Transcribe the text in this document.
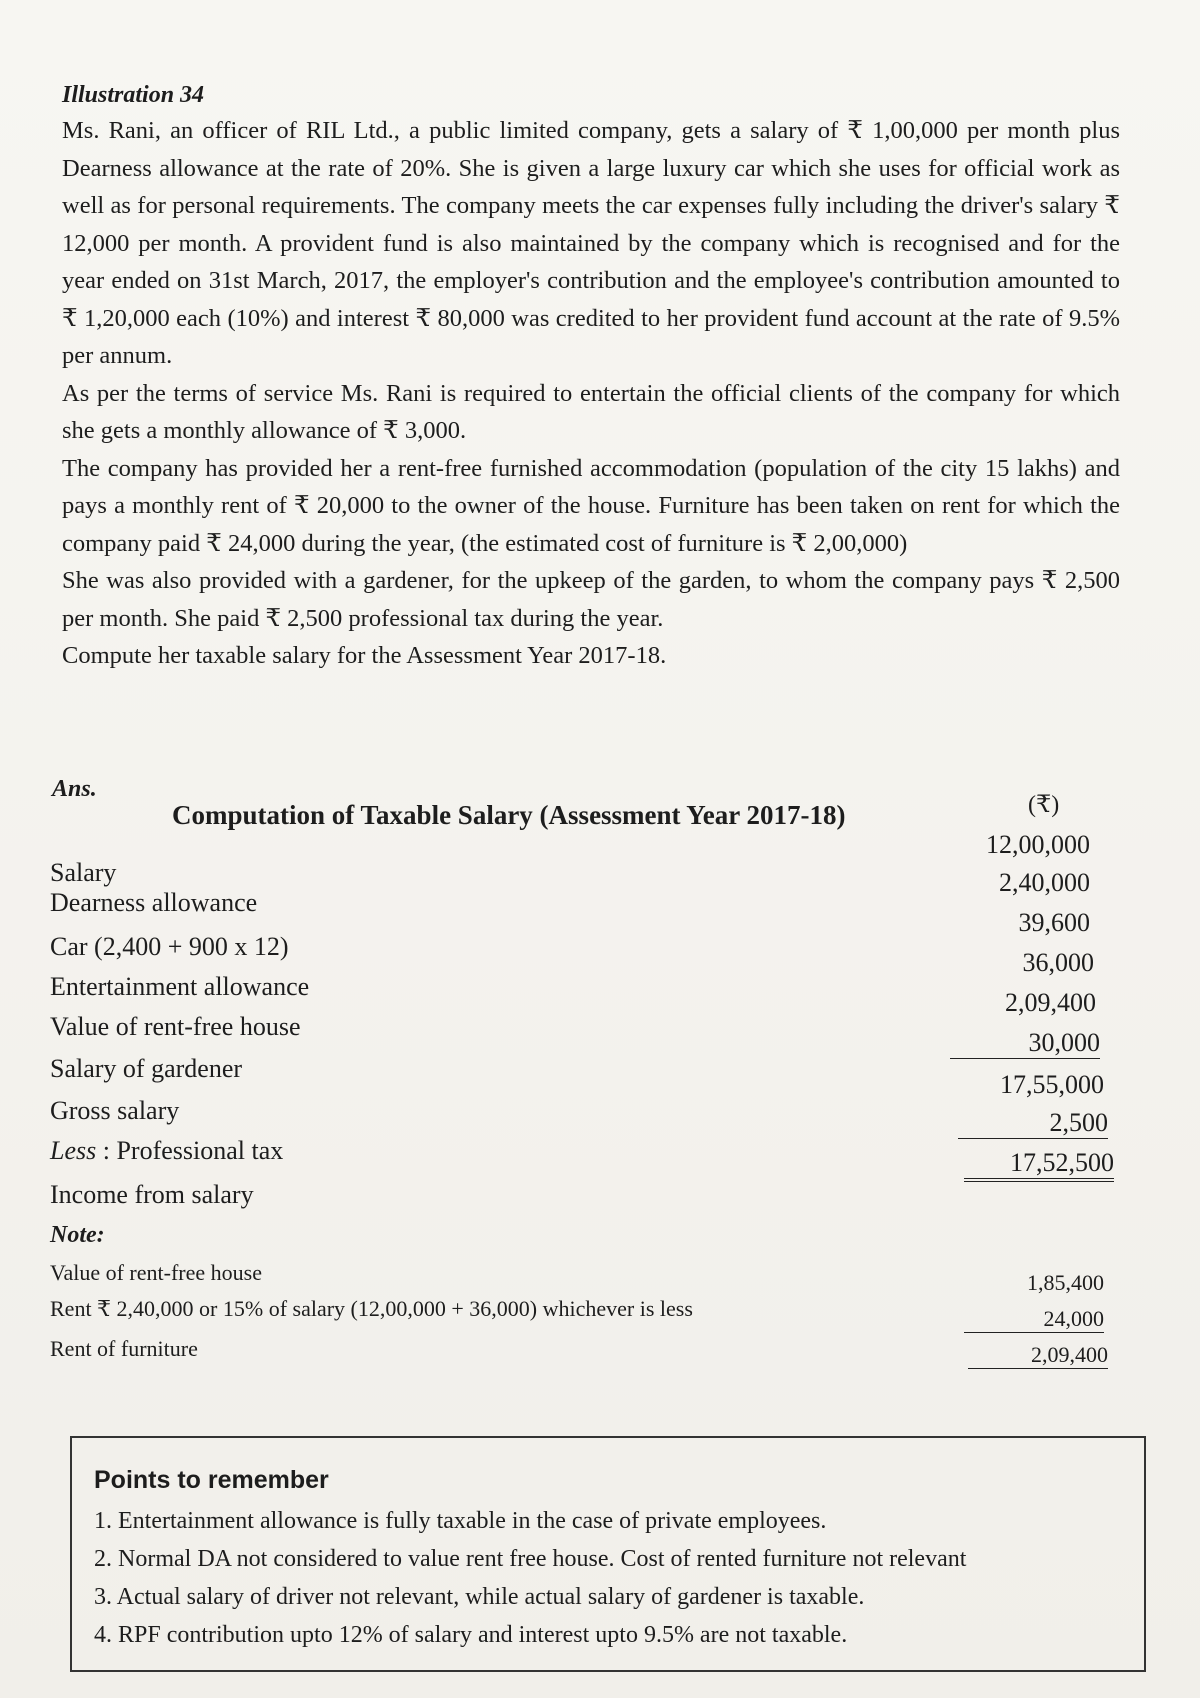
Illustration 34

Ms. Rani, an officer of RIL Ltd., a public limited company, gets a salary of ₹ 1,00,000 per month plus Dearness allowance at the rate of 20%. She is given a large luxury car which she uses for official work as well as for personal requirements. The company meets the car expenses fully including the driver's salary ₹ 12,000 per month. A provident fund is also maintained by the company which is recognised and for the year ended on 31st March, 2017, the employer's contribution and the employee's contribution amounted to ₹ 1,20,000 each (10%) and interest ₹ 80,000 was credited to her provident fund account at the rate of 9.5% per annum.

As per the terms of service Ms. Rani is required to entertain the official clients of the company for which she gets a monthly allowance of ₹ 3,000.

The company has provided her a rent-free furnished accommodation (population of the city 15 lakhs) and pays a monthly rent of ₹ 20,000 to the owner of the house. Furniture has been taken on rent for which the company paid ₹ 24,000 during the year, (the estimated cost of furniture is ₹ 2,00,000)

She was also provided with a gardener, for the upkeep of the garden, to whom the company pays ₹ 2,500 per month. She paid ₹ 2,500 professional tax during the year.

Compute her taxable salary for the Assessment Year 2017-18.

Ans.
Computation of Taxable Salary (Assessment Year 2017-18)	(₹)
Salary
12,00,000
Dearness allowance
2,40,000
Car (2,400 + 900 x 12)
39,600
Entertainment allowance
36,000
Value of rent-free house
2,09,400
Salary of gardener
30,000
Gross salary
17,55,000
Less : Professional tax
2,500
Income from salary
17,52,500
Note:
Value of rent-free house
Rent ₹ 2,40,000 or 15% of salary (12,00,000 + 36,000) whichever is less
1,85,400
Rent of furniture
24,000
2,09,400
Points to remember
1. Entertainment allowance is fully taxable in the case of private employees.
2. Normal DA not considered to value rent free house. Cost of rented furniture not relevant
3. Actual salary of driver not relevant, while actual salary of gardener is taxable.
4. RPF contribution upto 12% of salary and interest upto 9.5% are not taxable.
